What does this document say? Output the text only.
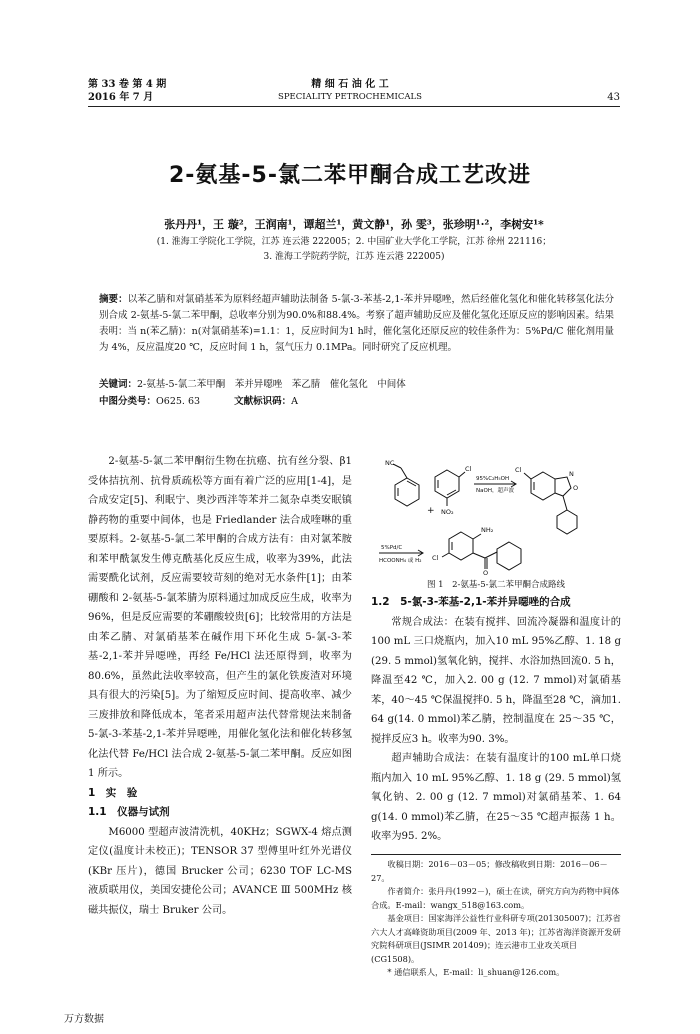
第 33 卷 第 4 期
2016 年 7 月
精 细 石 油 化 工
SPECIALITY PETROCHEMICALS	43
2-氨基-5-氯二苯甲酮合成工艺改进
张丹丹¹，王 璇²，王润南¹，谭超兰¹，黄文静¹，孙 雯³，张珍明¹·²，李树安¹*
(1. 淮海工学院化工学院，江苏 连云港 222005；2. 中国矿业大学化工学院，江苏 徐州 221116；
3. 淮海工学院药学院，江苏 连云港 222005)

摘要：以苯乙腈和对氯硝基苯为原料经超声辅助法制备 5-氯-3-苯基-2,1-苯并异噁唑，然后经催化氢化和催化转移氢化法分别合成 2-氨基-5-氯二苯甲酮，总收率分别为90.0%和88.4%。考察了超声辅助反应及催化氢化还原反应的影响因素。结果表明：当 n(苯乙腈)：n(对氯硝基苯)=1.1：1，反应时间为1 h时，催化氢化还原反应的较佳条件为：5%Pd/C 催化剂用量为 4%，反应温度20 ℃，反应时间 1 h，氢气压力 0.1MPa。同时研究了反应机理。

关键词：2-氨基-5-氯二苯甲酮　苯并异噁唑　苯乙腈　催化氢化　中间体
中图分类号：O625. 63	文献标识码：A

2-氨基-5-氯二苯甲酮衍生物在抗癌、抗有丝分裂、β1 受体拮抗剂、抗骨质疏松等方面有着广泛的应用[1-4]，是合成安定[5]、利眠宁、奥沙西泮等苯并二氮杂卓类安眠镇静药物的重要中间体，也是 Friedlander 法合成喹啉的重要原料。2-氨基-5-氯二苯甲酮的合成方法有：由对氯苯胺和苯甲酰氯发生傅克酰基化反应生成，收率为39%，此法需要酰化试剂，反应需要较苛刻的绝对无水条件[1]；由苯硼酸和 2-氨基-5-氯苯腈为原料通过加成反应生成，收率为96%，但是反应需要的苯硼酸较贵[6]；比较常用的方法是由苯乙腈、对氯硝基苯在碱作用下环化生成 5-氯-3-苯基-2,1-苯并异噁唑，再经 Fe/HCl 法还原得到，收率为80.6%，虽然此法收率较高，但产生的氯化铁废渣对环境具有很大的污染[5]。为了缩短反应时间、提高收率、减少三废排放和降低成本，笔者采用超声法代替常规法来制备 5-氯-3-苯基-2,1-苯并异噁唑，用催化氢化法和催化转移氢化法代替 Fe/HCl 法合成 2-氨基-5-氯二苯甲酮。反应如图 1 所示。

1　实　验
1.1　仪器与试剂

M6000 型超声波清洗机，40KHz；SGWX-4 熔点测定仪(温度计未校正)；TENSOR 37 型傅里叶红外光谱仪(KBr 压片)，德国 Brucker 公司；6230 TOF LC-MS 液质联用仪，美国安捷伦公司；AVANCE Ⅲ 500MHz 核磁共振仪，瑞士 Bruker 公司。

NC
+
Cl
NO₂
95%C₂H₅OH
NaOH，超声波
Cl	N
O
5%Pd/C
HCOONH₄ 或 H₂ Cl
NH₂
O
图 1　2-氨基-5-氯二苯甲酮合成路线
1.2　5-氯-3-苯基-2,1-苯并异噁唑的合成

常规合成法：在装有搅拌、回流冷凝器和温度计的 100 mL 三口烧瓶内，加入10 mL 95%乙醇、1. 18 g (29. 5 mmol)氢氧化钠，搅拌、水浴加热回流0. 5 h，降温至42 ℃，加入2. 00 g (12. 7 mmol)对氯硝基苯，40～45 ℃保温搅拌0. 5 h，降温至28 ℃，滴加1. 64 g(14. 0 mmol)苯乙腈，控制温度在 25～35 ℃，搅拌反应3 h。收率为90. 3%。

超声辅助合成法：在装有温度计的100 mL单口烧瓶内加入 10 mL 95%乙醇、1. 18 g (29. 5 mmol)氢氧化钠、2. 00 g (12. 7 mmol)对氯硝基苯、1. 64 g(14. 0 mmol)苯乙腈，在25～35 ℃超声振荡 1 h。收率为95. 2%。

收稿日期：2016－03－05；修改稿收到日期：2016－06－27。

作者简介：张丹丹(1992－)，硕士在读，研究方向为药物中间体合成。E-mail：wangx_518@163.com。

基金项目：国家海洋公益性行业科研专项(201305007)；江苏省六大人才高峰资助项目(2009 年、2013 年)；江苏省海洋资源开发研究院科研项目(JSIMR 201409)；连云港市工业攻关项目(CG1508)。

* 通信联系人，E-mail：li_shuan@126.com。

万方数据
